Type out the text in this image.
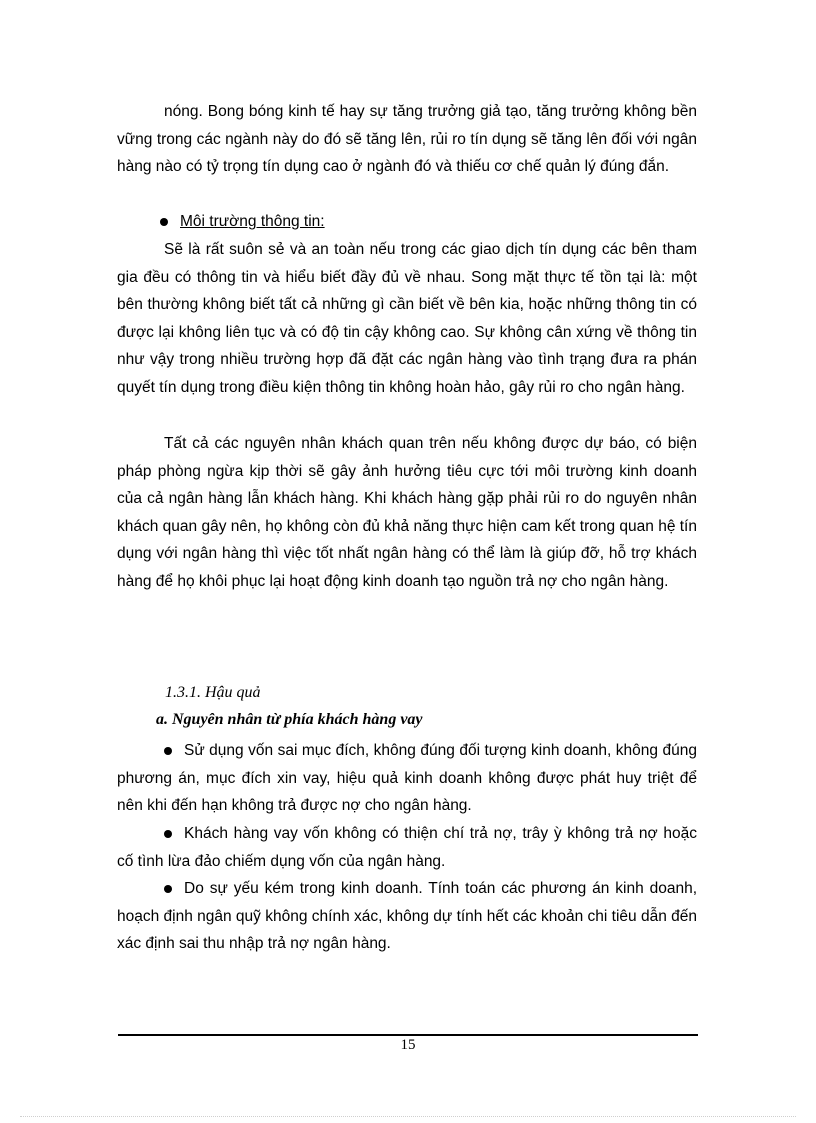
nóng. Bong bóng kinh tế hay sự tăng trưởng giả tạo, tăng trưởng không bền vững trong các ngành này do đó sẽ tăng lên, rủi ro tín dụng sẽ tăng lên đối với ngân hàng nào có tỷ trọng tín dụng cao ở ngành đó và thiếu cơ chế quản lý đúng đắn.

Môi trường thông tin:

Sẽ là rất suôn sẻ và an toàn nếu trong các giao dịch tín dụng các bên tham gia đều có thông tin và hiểu biết đầy đủ về nhau. Song mặt thực tế tồn tại là: một bên thường không biết tất cả những gì cần biết về bên kia, hoặc những thông tin có được lại không liên tục và có độ tin cậy không cao. Sự không cân xứng về thông tin như vậy trong nhiều trường hợp đã đặt các ngân hàng vào tình trạng đưa ra phán quyết tín dụng trong điều kiện thông tin không hoàn hảo, gây rủi ro cho ngân hàng.

Tất cả các nguyên nhân khách quan trên nếu không được dự báo, có biện pháp phòng ngừa kịp thời sẽ gây ảnh hưởng tiêu cực tới môi trường kinh doanh của cả ngân hàng lẫn khách hàng. Khi khách hàng gặp phải rủi ro do nguyên nhân khách quan gây nên, họ không còn đủ khả năng thực hiện cam kết trong quan hệ tín dụng với ngân hàng thì việc tốt nhất ngân hàng có thể làm là giúp đỡ, hỗ trợ khách hàng để họ khôi phục lại hoạt động kinh doanh tạo nguồn trả nợ cho ngân hàng.

1.3.1. Hậu quả
a. Nguyên nhân từ phía khách hàng vay

Sử dụng vốn sai mục đích, không đúng đối tượng kinh doanh, không đúng phương án, mục đích xin vay, hiệu quả kinh doanh không được phát huy triệt để nên khi đến hạn không trả được nợ cho ngân hàng.

Khách hàng vay vốn không có thiện chí trả nợ, trây ỳ không trả nợ hoặc cố tình lừa đảo chiếm dụng vốn của ngân hàng.

Do sự yếu kém trong kinh doanh. Tính toán các phương án kinh doanh, hoạch định ngân quỹ không chính xác, không dự tính hết các khoản chi tiêu dẫn đến xác định sai thu nhập trả nợ ngân hàng.

15
